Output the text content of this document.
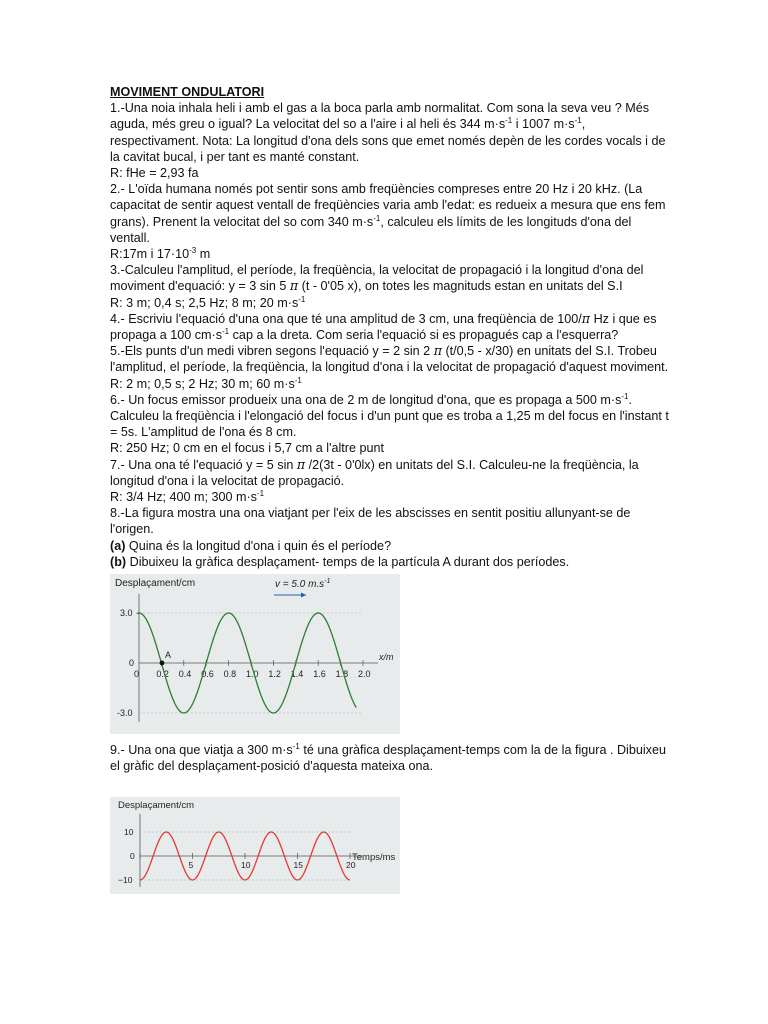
MOVIMENT ONDULATORI

1.-Una noia inhala heli i amb el gas a la boca parla amb normalitat. Com sona la seva veu ? Més aguda, més greu o igual? La velocitat del so a l'aire i al heli és 344 $m\cdot s^{-1}$ i 1007 $m\cdot s^{-1}$, respectivament. Nota: La longitud d'ona dels sons que emet només depèn de les cordes vocals i de la cavitat bucal, i per tant es manté constant.

R: fHe = 2,93 fa

2.- L'oïda humana només pot sentir sons amb freqüències compreses entre 20 Hz i 20 kHz. (La capacitat de sentir aquest ventall de freqüències varia amb l'edat: es redueix a mesura que ens fem grans). Prenent la velocitat del so com 340 $m\cdot s^{-1}$, calculeu els límits de les longituds d'ona del ventall.

R:17m i $17\cdot 10^{-3}$ m

3.-Calculeu l'amplitud, el període, la freqüència, la velocitat de propagació i la longitud d'ona del moviment d'equació: y = 3 sin 5 π (t - 0'05 x), on totes les magnituds estan en unitats del S.I

R: 3 m; 0,4 s; 2,5 Hz; 8 m; 20 $m\cdot s^{-1}$

4.- Escriviu l'equació d'una ona que té una amplitud de 3 cm, una freqüència de 100/π Hz i que es propaga a 100 $cm\cdot s^{-1}$ cap a la dreta. Com seria l'equació si es propagués cap a l'esquerra?

5.-Els punts d'un medi vibren segons l'equació y = 2 sin 2 π (t/0,5 - x/30) en unitats del S.I. Trobeu l'amplitud, el període, la freqüència, la longitud d'ona i la velocitat de propagació d'aquest moviment.

R: 2 m; 0,5 s; 2 Hz; 30 m; 60 $m\cdot s^{-1}$

6.- Un focus emissor produeix una ona de 2 m de longitud d'ona, que es propaga a 500 $m\cdot s^{-1}$. Calculeu la freqüència i l'elongació del focus i d'un punt que es troba a 1,25 m del focus en l'instant t = 5s. L'amplitud de l'ona és 8 cm.

R: 250 Hz; 0 cm en el focus i 5,7 cm a l'altre punt

7.- Una ona té l'equació y = 5 sin π /2(3t - 0'0lx) en unitats del S.I. Calculeu-ne la freqüència, la longitud d'ona i la velocitat de propagació.

R: 3/4 Hz; 400 m; 300 $m\cdot s^{-1}$

8.-La figura mostra una ona viatjant per l'eix de les abscisses en sentit positiu allunyant-se de l'origen.

(a) Quina és la longitud d'ona i quin és el període?

(b) Dibuixeu la gràfica desplaçament- temps de la partícula A durant dos períodes.

Desplaçament/cm	v = 5.0 $m.s^{-1}$
3.0
0
-3.0
x/m
0 0.2 0.4 0.6 0.8 1.0 1.2 1.4 1.6 1.8 2.0
A

9.- Una ona que viatja a 300 $m\cdot s^{-1}$ té una gràfica desplaçament-temps com la de la figura . Dibuixeu el gràfic del desplaçament-posició d'aquesta mateixa ona.

Desplaçament/cm
10
0
−10
Temps/ms
5	10	15	20
